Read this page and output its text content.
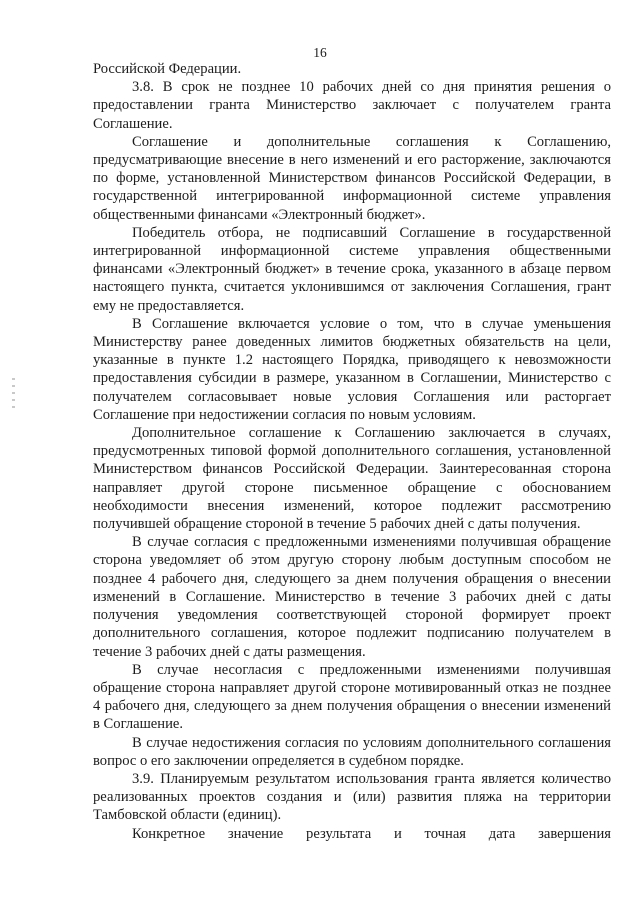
16

Российской Федерации.

3.8. В срок не позднее 10 рабочих дней со дня принятия решения о предоставлении гранта Министерство заключает с получателем гранта Соглашение.

Соглашение и дополнительные соглашения к Соглашению, предусматривающие внесение в него изменений и его расторжение, заключаются по форме, установленной Министерством финансов Российской Федерации, в государственной интегрированной информационной системе управления общественными финансами «Электронный бюджет».

Победитель отбора, не подписавший Соглашение в государственной интегрированной информационной системе управления общественными финансами «Электронный бюджет» в течение срока, указанного в абзаце первом настоящего пункта, считается уклонившимся от заключения Соглашения, грант ему не предоставляется.

В Соглашение включается условие о том, что в случае уменьшения Министерству ранее доведенных лимитов бюджетных обязательств на цели, указанные в пункте 1.2 настоящего Порядка, приводящего к невозможности предоставления субсидии в размере, указанном в Соглашении, Министерство с получателем согласовывает новые условия Соглашения или расторгает Соглашение при недостижении согласия по новым условиям.

Дополнительное соглашение к Соглашению заключается в случаях, предусмотренных типовой формой дополнительного соглашения, установленной Министерством финансов Российской Федерации. Заинтересованная сторона направляет другой стороне письменное обращение с обоснованием необходимости внесения изменений, которое подлежит рассмотрению получившей обращение стороной в течение 5 рабочих дней с даты получения.

В случае согласия с предложенными изменениями получившая обращение сторона уведомляет об этом другую сторону любым доступным способом не позднее 4 рабочего дня, следующего за днем получения обращения о внесении изменений в Соглашение. Министерство в течение 3 рабочих дней с даты получения уведомления соответствующей стороной формирует проект дополнительного соглашения, которое подлежит подписанию получателем в течение 3 рабочих дней с даты размещения.

В случае несогласия с предложенными изменениями получившая обращение сторона направляет другой стороне мотивированный отказ не позднее 4 рабочего дня, следующего за днем получения обращения о внесении изменений в Соглашение.

В случае недостижения согласия по условиям дополнительного соглашения вопрос о его заключении определяется в судебном порядке.

3.9. Планируемым результатом использования гранта является количество реализованных проектов создания и (или) развития пляжа на территории Тамбовской области (единиц).

Конкретное значение результата и точная дата завершения
